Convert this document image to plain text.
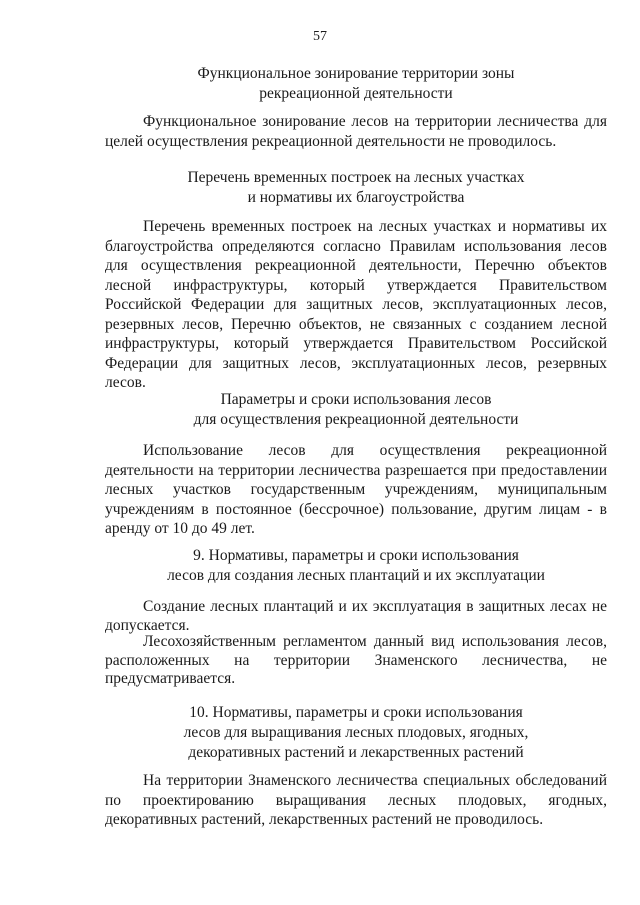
57
Функциональное зонирование территории зоны
рекреационной деятельности

Функциональное зонирование лесов на территории лесничества для целей осуществления рекреационной деятельности не проводилось.

Перечень временных построек на лесных участках
и нормативы их благоустройства

Перечень временных построек на лесных участках и нормативы их благоустройства определяются согласно Правилам использования лесов для осуществления рекреационной деятельности, Перечню объектов лесной инфраструктуры, который утверждается Правительством Российской Федерации для защитных лесов, эксплуатационных лесов, резервных лесов, Перечню объектов, не связанных с созданием лесной инфраструктуры, который утверждается Правительством Российской Федерации для защитных лесов, эксплуатационных лесов, резервных лесов.

Параметры и сроки использования лесов
для осуществления рекреационной деятельности

Использование лесов для осуществления рекреационной деятельности на территории лесничества разрешается при предоставлении лесных участков государственным учреждениям, муниципальным учреждениям в постоянное (бессрочное) пользование, другим лицам - в аренду от 10 до 49 лет.

9. Нормативы, параметры и сроки использования
лесов для создания лесных плантаций и их эксплуатации

Создание лесных плантаций и их эксплуатация в защитных лесах не допускается.

Лесохозяйственным регламентом данный вид использования лесов, расположенных на территории Знаменского лесничества, не предусматривается.

10. Нормативы, параметры и сроки использования
лесов для выращивания лесных плодовых, ягодных,
декоративных растений и лекарственных растений

На территории Знаменского лесничества специальных обследований по проектированию выращивания лесных плодовых, ягодных, декоративных растений, лекарственных растений не проводилось.
